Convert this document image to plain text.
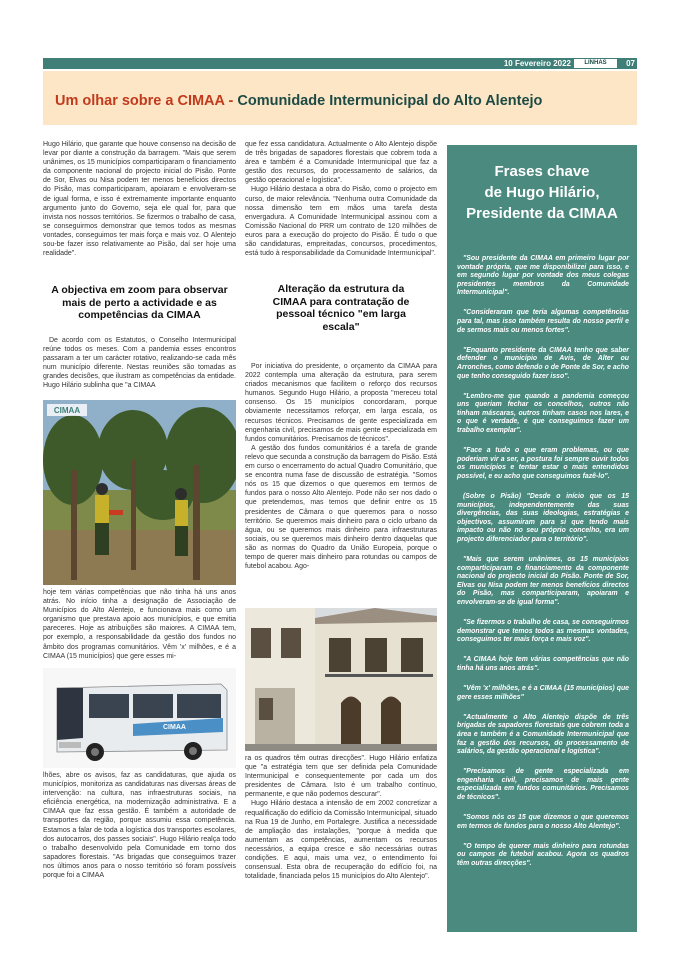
10 Fevereiro 2022	LINHAS	07
Um olhar sobre a CIMAA - Comunidade Intermunicipal do Alto Alentejo

Hugo Hilário, que garante que houve consenso na decisão de levar por diante a construção da barragem. "Mais que serem unânimes, os 15 municípios comparticiparam o financiamento da componente nacional do projecto inicial do Pisão. Ponte de Sor, Elvas ou Nisa podem ter menos benefícios directos do Pisão, mas comparticiparam, apoiaram e envolveram-se de igual forma, e isso é extremamente importante enquanto argumento junto do Governo, seja ele qual for, para que invista nos nossos territórios. Se fizermos o trabalho de casa, se conseguirmos demonstrar que temos todos as mesmas vontades, conseguimos ter mais força e mais voz. O Alentejo sou-be fazer isso relativamente ao Pisão, daí ser hoje uma realidade".

A objectiva em zoom para observar mais de perto a actividade e as competências da CIMAA

De acordo com os Estatutos, o Conselho Intermunicipal reúne todos os meses. Com a pandemia esses encontros passaram a ter um carácter rotativo, realizando-se cada mês num município diferente. Nestas reuniões são tomadas as grandes decisões, que ilustram as competências da entidade. Hugo Hilário sublinha que "a CIMAA

CIMAA

hoje tem várias competências que não tinha há uns anos atrás. No início tinha a designação de Associação de Municípios do Alto Alentejo, e funcionava mais como um organismo que prestava apoio aos municípios, e que emitia pareceres. Hoje as atribuições são maiores. A CIMAA tem, por exemplo, a responsabilidade da gestão dos fundos no âmbito dos programas comunitários. Vêm 'x' milhões, e é a CIMAA (15 municípios) que gere esses mi-

CIMAA

lhões, abre os avisos, faz as candidaturas, que ajuda os municípios, monitoriza as candidaturas nas diversas áreas de intervenção: na cultura, nas infraestruturas sociais, na eficiência energética, na modernização administrativa. E a CIMAA que faz essa gestão. É também a autoridade de transportes da região, porque assumiu essa competência. Estamos a falar de toda a logística dos transportes escolares, dos autocarros, dos passes sociais". Hugo Hilário realça todo o trabalho desenvolvido pela Comunidade em torno dos sapadores florestais. "As brigadas que conseguimos trazer nos últimos anos para o nosso território só foram possíveis porque foi a CIMAA

que fez essa candidatura. Actualmente o Alto Alentejo dispõe de três brigadas de sapadores florestais que cobrem toda a área e também é a Comunidade Intermunicipal que faz a gestão dos recursos, do processamento de salários, da gestão operacional e logística".

Hugo Hilário destaca a obra do Pisão, como o projecto em curso, de maior relevância. "Nenhuma outra Comunidade da nossa dimensão tem em mãos uma tarefa desta envergadura. A Comunidade Intermunicipal assinou com a Comissão Nacional do PRR um contrato de 120 milhões de euros para a execução do projecto do Pisão. É tudo o que são candidaturas, empreitadas, concursos, procedimentos, está tudo à responsabilidade da Comunidade Intermunicipal".

Alteração da estrutura da CIMAA para contratação de pessoal técnico "em larga escala"

Por iniciativa do presidente, o orçamento da CIMAA para 2022 contempla uma alteração da estrutura, para serem criados mecanismos que facilitem o reforço dos recursos humanos. Segundo Hugo Hilário, a proposta "mereceu total consenso. Os 15 municípios concordaram, porque obviamente necessitamos reforçar, em larga escala, os recursos técnicos. Precisamos de gente especializada em engenharia civil, precisamos de mais gente especializada em fundos comunitários. Precisamos de técnicos".

A gestão dos fundos comunitários é a tarefa de grande relevo que secunda a construção da barragem do Pisão. Está em curso o encerramento do actual Quadro Comunitário, que se encontra numa fase de discussão de estratégia. "Somos nós os 15 que dizemos o que queremos em termos de fundos para o nosso Alto Alentejo. Pode não ser nos dado o que pretendemos, mas temos que definir entre os 15 presidentes de Câmara o que queremos para o nosso território. Se queremos mais dinheiro para o ciclo urbano da água, ou se queremos mais dinheiro para infraestruturas sociais, ou se queremos mais dinheiro dentro daquelas que são as normas do Quadro da União Europeia, porque o tempo de querer mais dinheiro para rotundas ou campos de futebol acabou. Ago-

ra os quadros têm outras direcções". Hugo Hilário enfatiza que "a estratégia tem que ser definida pela Comunidade Intermunicipal e consequentemente por cada um dos presidentes de Câmara. Isto é um trabalho contínuo, permanente, e que não podemos descurar".

Hugo Hilário destaca a intensão de em 2002 concretizar a requalificação do edifício da Comissão Intermunicipal, situado na Rua 19 de Junho, em Portalegre. Justifica a necessidade de ampliação das instalações, "porque à medida que aumentam as competências, aumentam os recursos necessários, a equipa cresce e são necessárias outras condições. E aqui, mais uma vez, o entendimento foi consensual. Esta obra de recuperação do edifício foi, na totalidade, financiada pelos 15 municípios do Alto Alentejo".

Frases chave
de Hugo Hilário,
Presidente da CIMAA

"Sou presidente da CIMAA em primeiro lugar por vontade própria, que me disponibilizei para isso, e em segundo lugar por vontade dos meus colegas presidentes membros da Comunidade Intermunicipal".

"Consideraram que teria algumas competências para tal, mas isso também resulta do nosso perfil e de sermos mais ou menos fortes".

"Enquanto presidente da CIMAA tenho que saber defender o município de Avis, de Alter ou Arronches, como defendo o de Ponte de Sor, e acho que tenho conseguido fazer isso".

"Lembro-me que quando a pandemia começou uns queriam fechar os concelhos, outros não tinham máscaras, outros tinham casos nos lares, e o que é verdade, é que conseguimos fazer um trabalho exemplar".

"Face a tudo o que eram problemas, ou que poderiam vir a ser, a postura foi sempre ouvir todos os municípios e tentar estar o mais entendidos possível, e eu acho que conseguimos fazê-lo".

(Sobre o Pisão) "Desde o início que os 15 municípios, independentemente das suas divergências, das suas ideologias, estratégias e objectivos, assumiram para si que tendo mais impacto ou não no seu próprio concelho, era um projecto diferenciador para o território".

"Mais que serem unânimes, os 15 municípios comparticiparam o financiamento da componente nacional do projecto inicial do Pisão. Ponte de Sor, Elvas ou Nisa podem ter menos benefícios directos do Pisão, mas comparticiparam, apoiaram e envolveram-se de igual forma".

"Se fizermos o trabalho de casa, se conseguirmos demonstrar que temos todos as mesmas vontades, conseguimos ter mais força e mais voz".

"A CIMAA hoje tem várias competências que não tinha há uns anos atrás".

"Vêm 'x' milhões, e é a CIMAA (15 municípios) que gere esses milhões"

"Actualmente o Alto Alentejo dispõe de três brigadas de sapadores florestais que cobrem toda a área e também é a Comunidade Intermunicipal que faz a gestão dos recursos, do processamento de salários, da gestão operacional e logística".

"Precisamos de gente especializada em engenharia civil, precisamos de mais gente especializada em fundos comunitários. Precisamos de técnicos".

"Somos nós os 15 que dizemos o que queremos em termos de fundos para o nosso Alto Alentejo".

"O tempo de querer mais dinheiro para rotundas ou campos de futebol acabou. Agora os quadros têm outras direcções".
